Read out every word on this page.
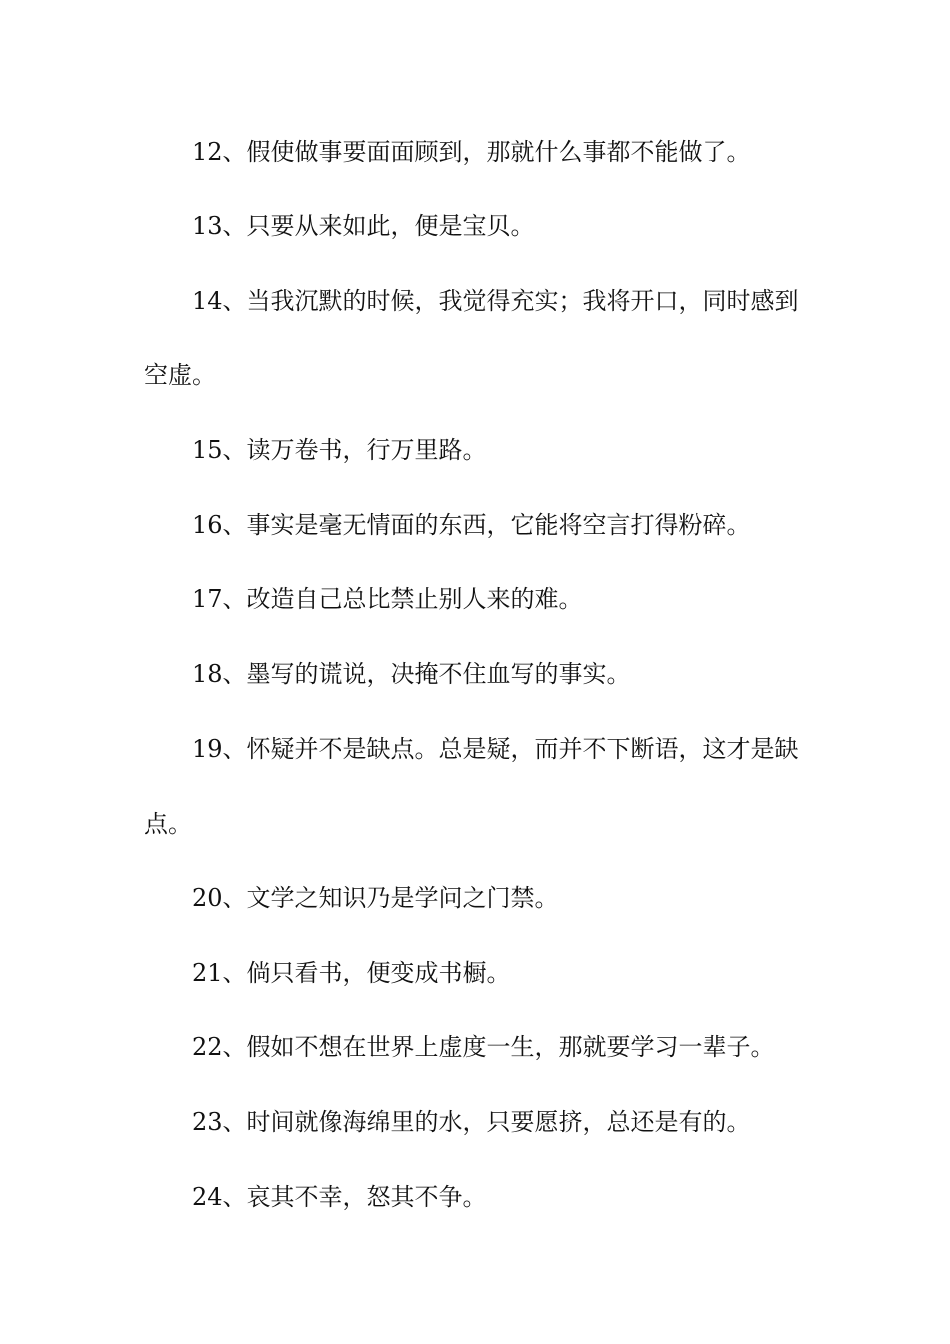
12、假使做事要面面顾到，那就什么事都不能做了。
13、只要从来如此，便是宝贝。
14、当我沉默的时候，我觉得充实；我将开口，同时感到
空虚。
15、读万卷书，行万里路。
16、事实是毫无情面的东西，它能将空言打得粉碎。
17、改造自己总比禁止别人来的难。
18、墨写的谎说，决掩不住血写的事实。
19、怀疑并不是缺点。总是疑，而并不下断语，这才是缺
点。
20、文学之知识乃是学问之门禁。
21、倘只看书，便变成书橱。
22、假如不想在世界上虚度一生，那就要学习一辈子。
23、时间就像海绵里的水，只要愿挤，总还是有的。
24、哀其不幸，怒其不争。
